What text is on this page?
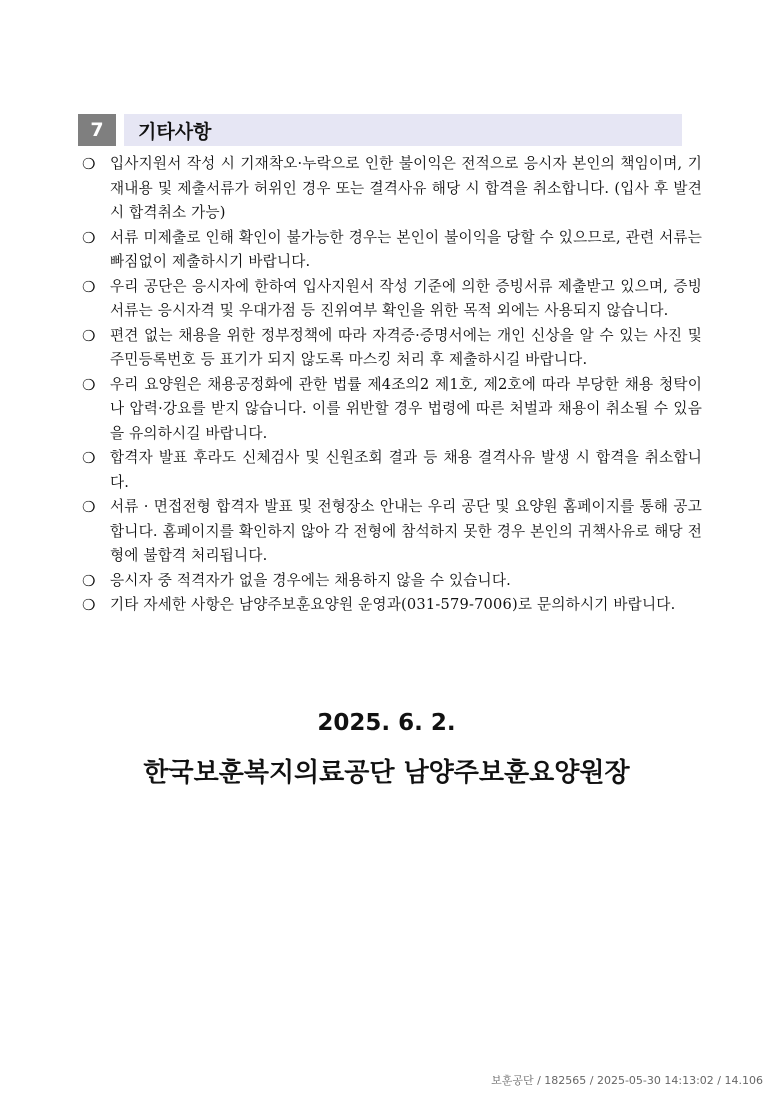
7	기타사항
❍ 입사지원서 작성 시 기재착오·누락으로 인한 불이익은 전적으로 응시자 본인의 책임이며, 기재내용 및 제출서류가 허위인 경우 또는 결격사유 해당 시 합격을 취소합니다. (입사 후 발견 시 합격취소 가능)
❍ 서류 미제출로 인해 확인이 불가능한 경우는 본인이 불이익을 당할 수 있으므로, 관련 서류는 빠짐없이 제출하시기 바랍니다.
❍ 우리 공단은 응시자에 한하여 입사지원서 작성 기준에 의한 증빙서류 제출받고 있으며, 증빙서류는 응시자격 및 우대가점 등 진위여부 확인을 위한 목적 외에는 사용되지 않습니다.
❍ 편견 없는 채용을 위한 정부정책에 따라 자격증·증명서에는 개인 신상을 알 수 있는 사진 및 주민등록번호 등 표기가 되지 않도록 마스킹 처리 후 제출하시길 바랍니다.
❍ 우리 요양원은 채용공정화에 관한 법률 제4조의2 제1호, 제2호에 따라 부당한 채용 청탁이나 압력·강요를 받지 않습니다. 이를 위반할 경우 법령에 따른 처벌과 채용이 취소될 수 있음을 유의하시길 바랍니다.
❍ 합격자 발표 후라도 신체검사 및 신원조회 결과 등 채용 결격사유 발생 시 합격을 취소합니다.
❍ 서류 · 면접전형 합격자 발표 및 전형장소 안내는 우리 공단 및 요양원 홈페이지를 통해 공고합니다. 홈페이지를 확인하지 않아 각 전형에 참석하지 못한 경우 본인의 귀책사유로 해당 전형에 불합격 처리됩니다.
❍ 응시자 중 적격자가 없을 경우에는 채용하지 않을 수 있습니다.
❍ 기타 자세한 사항은 남양주보훈요양원 운영과(031-579-7006)로 문의하시기 바랍니다.
2025. 6. 2.
한국보훈복지의료공단 남양주보훈요양원장
보훈공단 / 182565 / 2025-05-30 14:13:02 / 14.106
